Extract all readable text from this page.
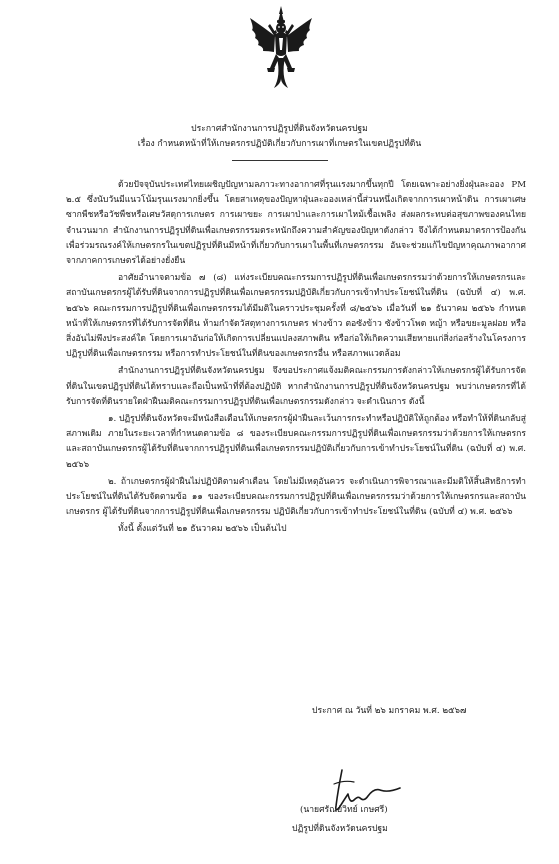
ประกาศสำนักงานการปฏิรูปที่ดินจังหวัดนครปฐม
เรื่อง กำหนดหน้าที่ให้เกษตรกรปฏิบัติเกี่ยวกับการเผาที่เกษตรในเขตปฏิรูปที่ดิน

ด้วยปัจจุบันประเทศไทยเผชิญปัญหามลภาวะทางอากาศที่รุนแรงมากขึ้นทุกปี โดยเฉพาะอย่างยิ่งฝุ่นละออง PM ๒.๕ ซึ่งนับวันมีแนวโน้มรุนแรงมากยิ่งขึ้น โดยสาเหตุของปัญหาฝุ่นละอองเหล่านี้ส่วนหนึ่งเกิดจากการเผาหน้าดิน การเผาเศษซากพืชหรือวัชพืชหรือเศษวัสดุการเกษตร การเผาขยะ การเผาป่าและการเผาไหม้เชื้อเพลิง ส่งผลกระทบต่อสุขภาพของคนไทยจำนวนมาก สำนักงานการปฏิรูปที่ดินเพื่อเกษตรกรรมตระหนักถึงความสำคัญของปัญหาดังกล่าว จึงได้กำหนดมาตรการป้องกัน เพื่อร่วมรณรงค์ให้เกษตรกรในเขตปฏิรูปที่ดินมีหน้าที่เกี่ยวกับการเผาในพื้นที่เกษตรกรรม อันจะช่วยแก้ไขปัญหาคุณภาพอากาศจากภาคการเกษตรได้อย่างยั่งยืน

อาศัยอำนาจตามข้อ ๗ (๘) แห่งระเบียบคณะกรรมการปฏิรูปที่ดินเพื่อเกษตรกรรมว่าด้วยการให้เกษตรกรและสถาบันเกษตรกรผู้ได้รับที่ดินจากการปฏิรูปที่ดินเพื่อเกษตรกรรมปฏิบัติเกี่ยวกับการเข้าทำประโยชน์ในที่ดิน (ฉบับที่ ๔) พ.ศ. ๒๕๖๖ คณะกรรมการปฏิรูปที่ดินเพื่อเกษตรกรรมได้มีมติในคราวประชุมครั้งที่ ๘/๒๕๖๖ เมื่อวันที่ ๒๑ ธันวาคม ๒๕๖๖ กำหนดหน้าที่ให้เกษตรกรที่ได้รับการจัดที่ดิน ห้ามกำจัดวัสดุทางการเกษตร ฟางข้าว ตอซังข้าว ซังข้าวโพด หญ้า หรือขยะมูลฝอย หรือสิ่งอันไม่พึงประสงค์ใด โดยการเผาอันก่อให้เกิดการเปลี่ยนแปลงสภาพดิน หรือก่อให้เกิดความเสียหายแก่สิ่งก่อสร้างในโครงการปฏิรูปที่ดินเพื่อเกษตรกรรม หรือการทำประโยชน์ในที่ดินของเกษตรกรอื่น หรือสภาพแวดล้อม

สำนักงานการปฏิรูปที่ดินจังหวัดนครปฐม จึงขอประกาศแจ้งมติคณะกรรมการดังกล่าวให้เกษตรกรผู้ได้รับการจัดที่ดินในเขตปฏิรูปที่ดินได้ทราบและถือเป็นหน้าที่ที่ต้องปฏิบัติ หากสำนักงานการปฏิรูปที่ดินจังหวัดนครปฐม พบว่าเกษตรกรที่ได้รับการจัดที่ดินรายใดฝ่าฝืนมติคณะกรรมการปฏิรูปที่ดินเพื่อเกษตรกรรมดังกล่าว จะดำเนินการ ดังนี้

๑. ปฏิรูปที่ดินจังหวัดจะมีหนังสือเตือนให้เกษตรกรผู้ฝ่าฝืนละเว้นการกระทำหรือปฏิบัติให้ถูกต้อง หรือทำให้ที่ดินกลับสู่สภาพเดิม ภายในระยะเวลาที่กำหนดตามข้อ ๘ ของระเบียบคณะกรรมการปฏิรูปที่ดินเพื่อเกษตรกรรมว่าด้วยการให้เกษตรกรและสถาบันเกษตรกรผู้ได้รับที่ดินจากการปฏิรูปที่ดินเพื่อเกษตรกรรมปฏิบัติเกี่ยวกับการเข้าทำประโยชน์ในที่ดิน (ฉบับที่ ๔) พ.ศ. ๒๕๖๖

๒. ถ้าเกษตรกรผู้ฝ่าฝืนไม่ปฏิบัติตามคำเตือน โดยไม่มีเหตุอันควร จะดำเนินการพิจารณาและมีมติให้สิ้นสิทธิการทำประโยชน์ในที่ดินได้รับจัดตามข้อ ๑๑ ของระเบียบคณะกรรมการปฏิรูปที่ดินเพื่อเกษตรกรรมว่าด้วยการให้เกษตรกรและสถาบันเกษตรกร ผู้ได้รับที่ดินจากการปฏิรูปที่ดินเพื่อเกษตรกรรม ปฏิบัติเกี่ยวกับการเข้าทำประโยชน์ในที่ดิน (ฉบับที่ ๔) พ.ศ. ๒๕๖๖

ทั้งนี้ ตั้งแต่วันที่ ๒๑ ธันวาคม ๒๕๖๖ เป็นต้นไป

ประกาศ ณ วันที่ ๒๖ มกราคม พ.ศ. ๒๕๖๗
(นายศรัณย์วิทย์ เกษศรี)
ปฏิรูปที่ดินจังหวัดนครปฐม
